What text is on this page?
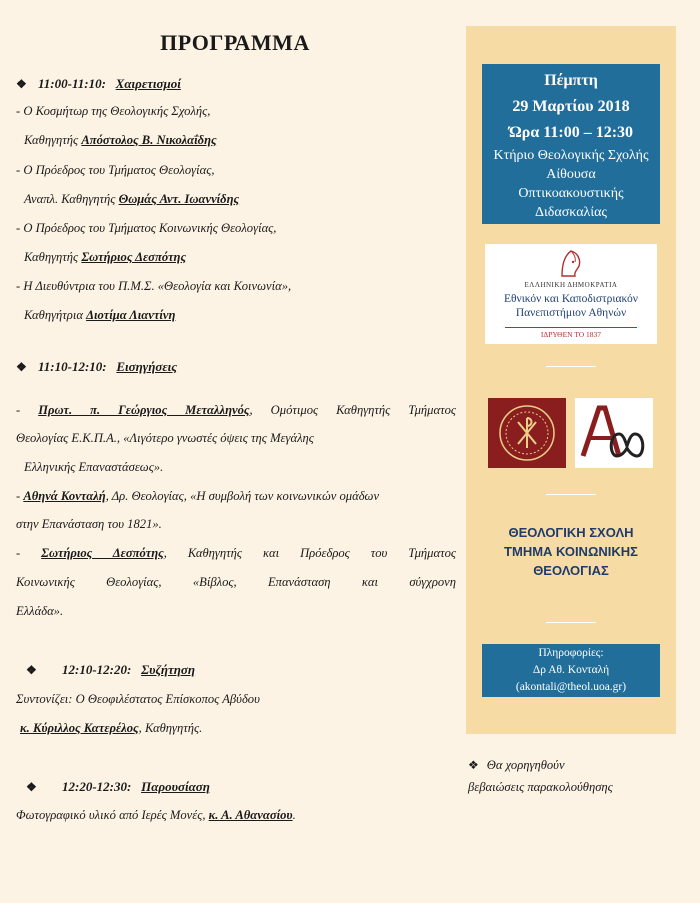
ΠΡΟΓΡΑΜΜΑ
❖ 11:00-11:10: Χαιρετισμοί
- Ο Κοσμήτωρ της Θεολογικής Σχολής,
Καθηγητής Απόστολος Β. Νικολαΐδης
- Ο Πρόεδρος του Τμήματος Θεολογίας,
Αναπλ. Καθηγητής Θωμάς Αντ. Ιωαννίδης
- Ο Πρόεδρος του Τμήματος Κοινωνικής Θεολογίας,
Καθηγητής Σωτήριος Δεσπότης
- Η Διευθύντρια του Π.Μ.Σ. «Θεολογία και Κοινωνία»,
Καθηγήτρια Διοτίμα Λιαντίνη
❖ 11:10-12:10: Εισηγήσεις
- Πρωτ. π. Γεώργιος Μεταλληνός, Ομότιμος Καθηγητής Τμήματος
Θεολογίας Ε.Κ.Π.Α., «Λιγότερο γνωστές όψεις της Μεγάλης
Ελληνικής Επαναστάσεως».
- Αθηνά Κονταλή, Δρ. Θεολογίας, «Η συμβολή των κοινωνικών ομάδων
στην Επανάσταση του 1821».
- Σωτήριος Δεσπότης, Καθηγητής και Πρόεδρος του Τμήματος
Κοινωνικής Θεολογίας, «Βίβλος, Επανάσταση και σύγχρονη
Ελλάδα».
❖ 12:10-12:20: Συζήτηση
Συντονίζει: Ο Θεοφιλέστατος Επίσκοπος Αβύδου
κ. Κύριλλος Κατερέλος, Καθηγητής.
❖ 12:20-12:30: Παρουσίαση
Φωτογραφικό υλικό από Ιερές Μονές, κ. Α. Αθανασίου.
Πέμπτη
29 Μαρτίου 2018
Ώρα 11:00 – 12:30
Κτήριο Θεολογικής Σχολής
Αίθουσα
Οπτικοακουστικής
Διδασκαλίας
ΕΛΛΗΝΙΚΗ ΔΗΜΟΚΡΑΤΙΑ
Εθνικόν και Καποδιστριακόν
Πανεπιστήμιον Αθηνών
ΙΔΡΥΘΕΝ ΤΟ 1837
ΘΕΟΛΟΓΙΚΗ ΣΧΟΛΗ
ΤΜΗΜΑ ΚΟΙΝΩΝΙΚΗΣ
ΘΕΟΛΟΓΙΑΣ
Πληροφορίες:
Δρ Αθ. Κονταλή
(akontali@theol.uoa.gr)
❖ Θα χορηγηθούν
βεβαιώσεις παρακολούθησης
